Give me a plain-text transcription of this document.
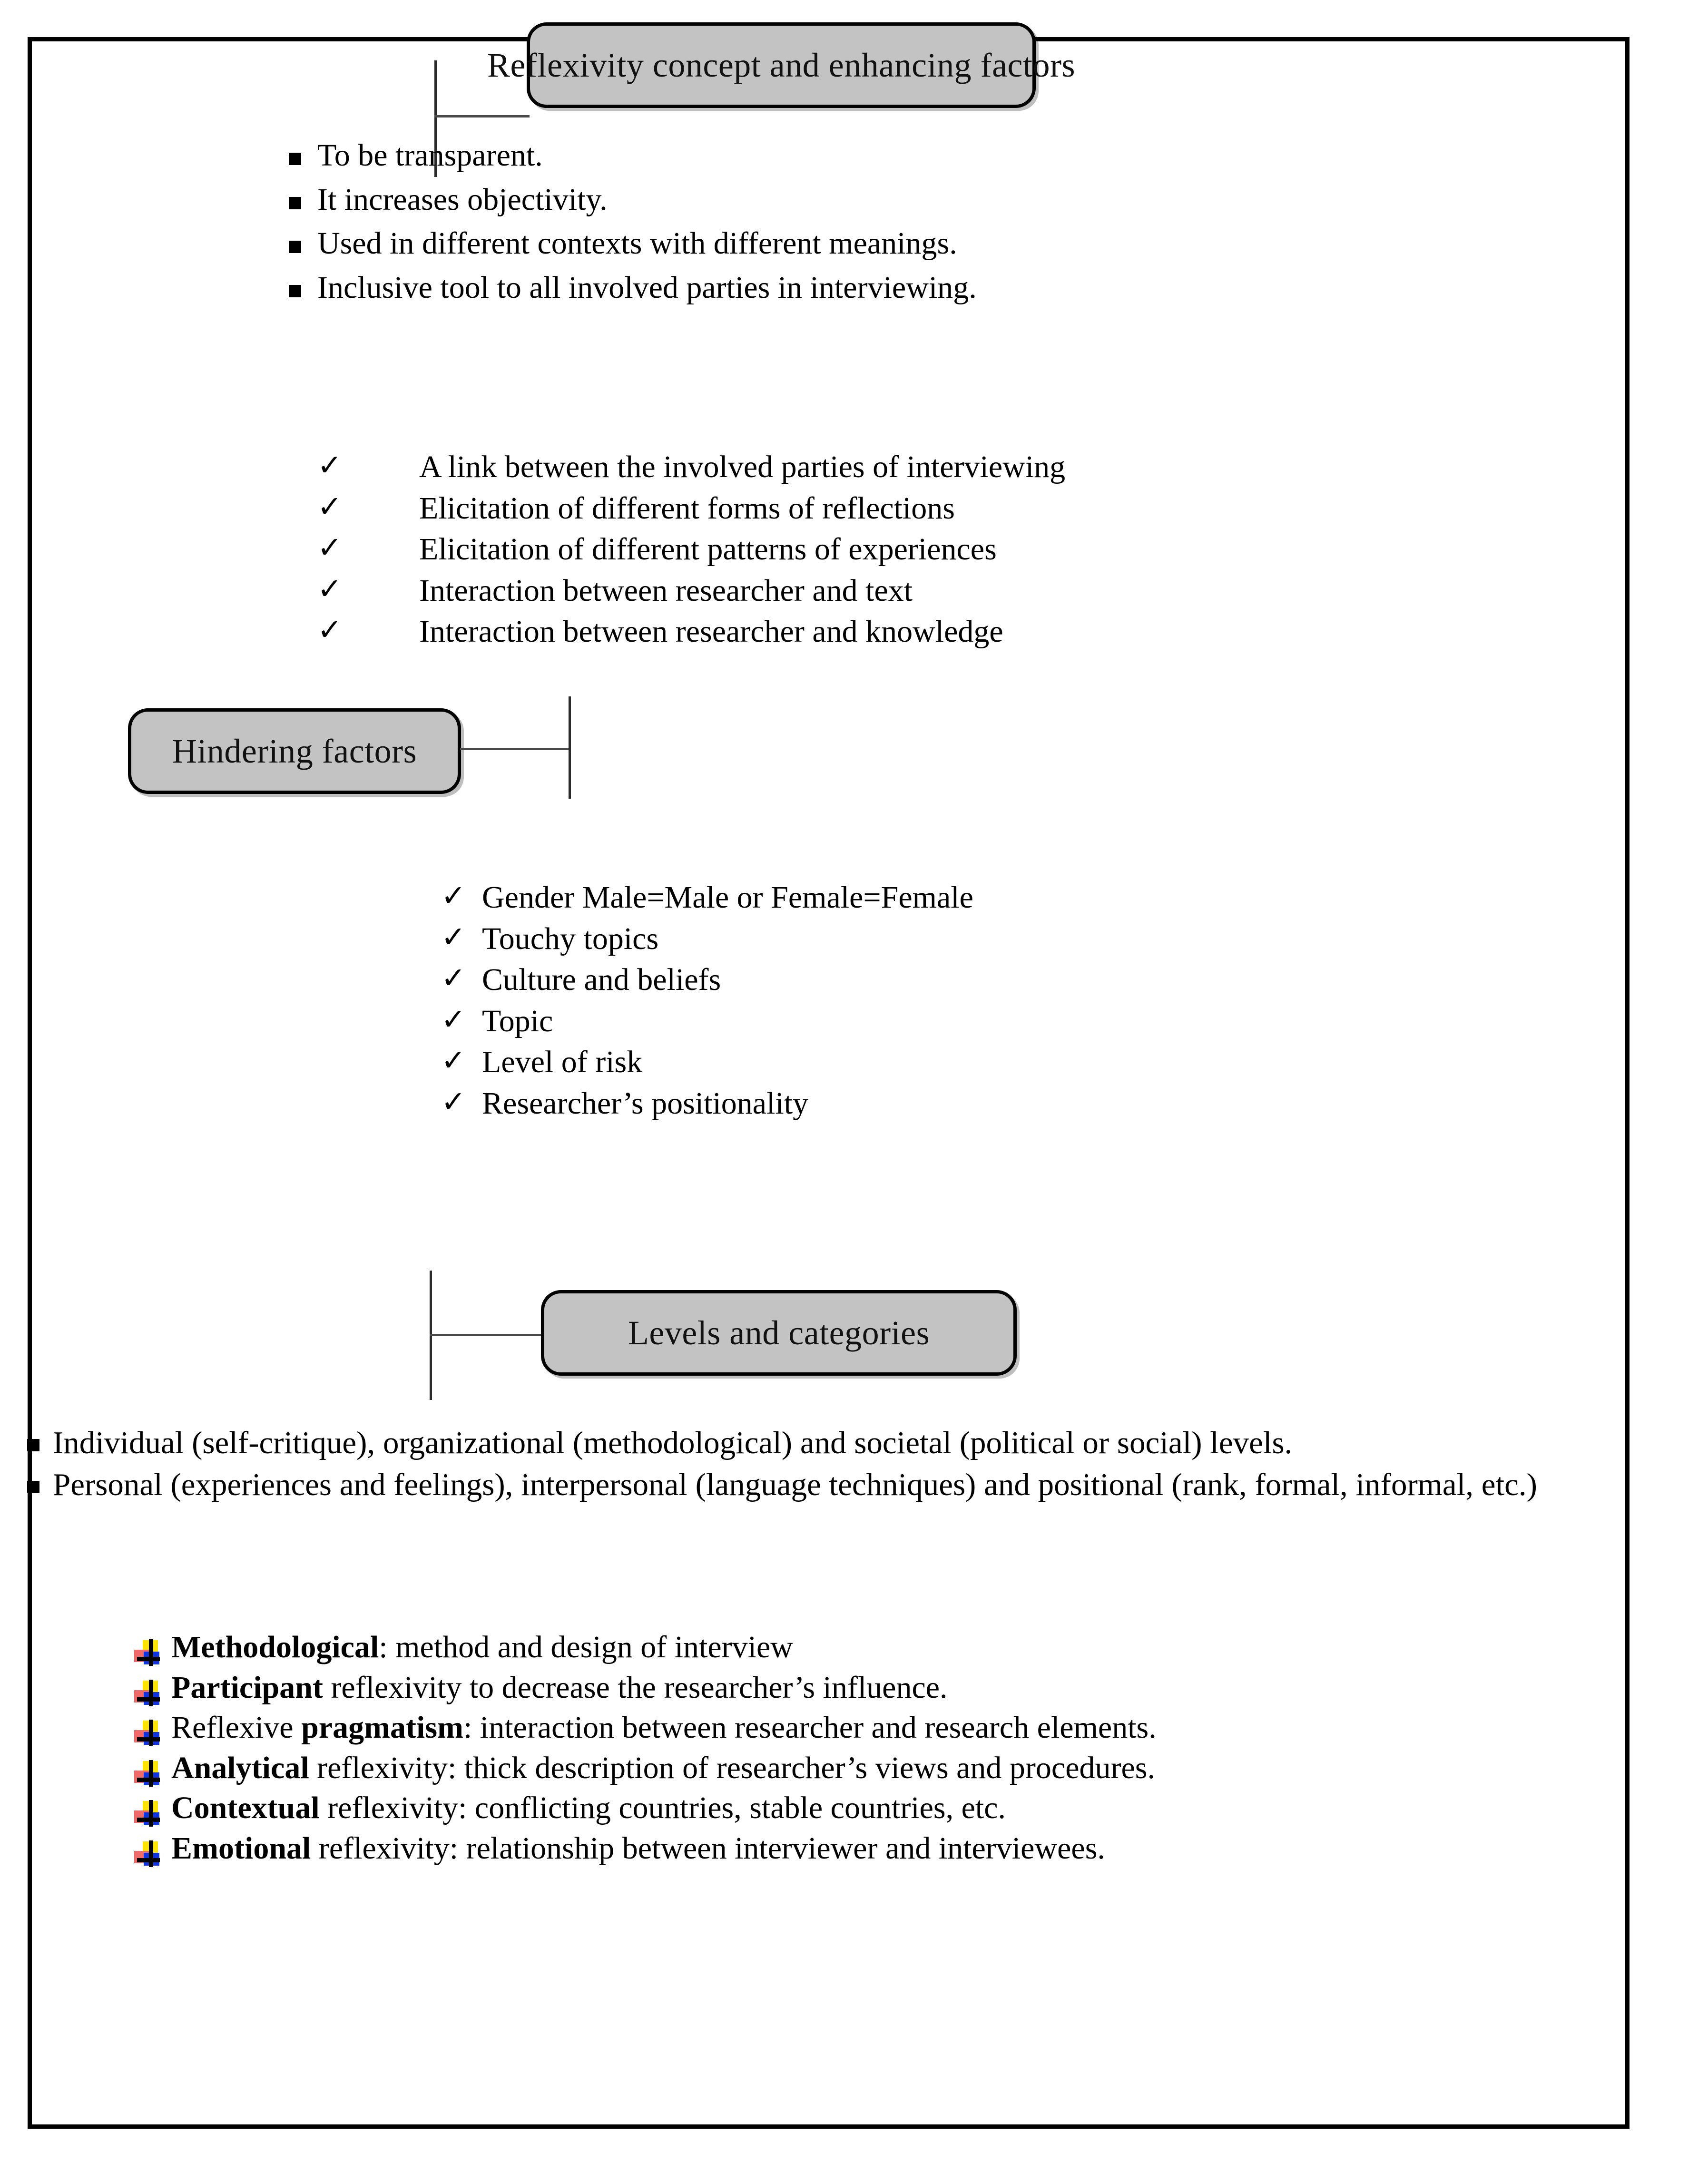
Reflexivity concept and enhancing factors
To be transparent.
It increases objectivity.
Used in different contexts with different meanings.
Inclusive tool to all involved parties in interviewing.
✓ A link between the involved parties of interviewing
✓ Elicitation of different forms of reflections
✓ Elicitation of different patterns of experiences
✓ Interaction between researcher and text
✓ Interaction between researcher and knowledge
Hindering factors
✓ Gender Male=Male or Female=Female
✓ Touchy topics
✓ Culture and beliefs
✓ Topic
✓ Level of risk
✓ Researcher’s positionality
Levels and categories
Individual (self-critique), organizational (methodological) and societal (political or social) levels.
Personal (experiences and feelings), interpersonal (language techniques) and positional (rank, formal, informal, etc.)
Methodological: method and design of interview
Participant reflexivity to decrease the researcher’s influence.
Reflexive pragmatism: interaction between researcher and research elements.
Analytical reflexivity: thick description of researcher’s views and procedures.
Contextual reflexivity: conflicting countries, stable countries, etc.
Emotional reflexivity: relationship between interviewer and interviewees.
